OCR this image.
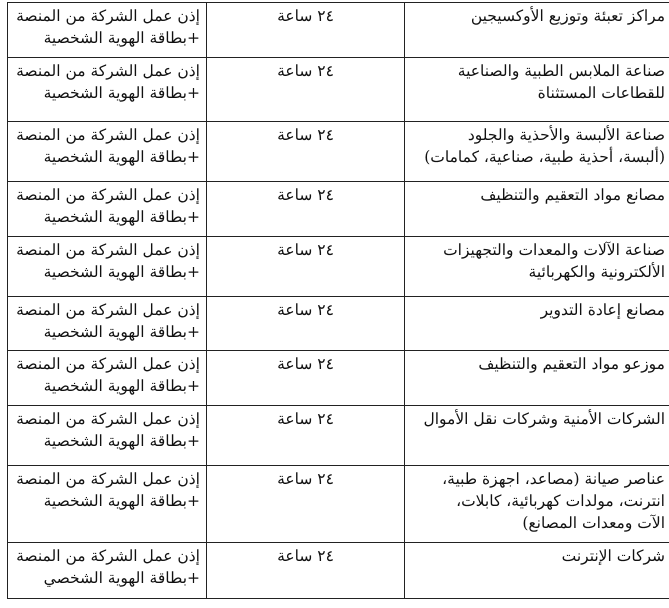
مراكز تعبئة وتوزيع الأوكسيجين	٢٤ ساعة	إذن عمل الشركة من المنصة
+بطاقة الهوية الشخصية

صناعة الملابس الطبية والصناعية
للقطاعات المستثناة	٢٤ ساعة	إذن عمل الشركة من المنصة
+بطاقة الهوية الشخصية

صناعة الألبسة والأحذية والجلود
(ألبسة، أحذية طبية، صناعية، كمامات)	٢٤ ساعة	إذن عمل الشركة من المنصة
+بطاقة الهوية الشخصية

مصانع مواد التعقيم والتنظيف	٢٤ ساعة	إذن عمل الشركة من المنصة
+بطاقة الهوية الشخصية

صناعة الآلات والمعدات والتجهيزات
الألكترونية والكهربائية	٢٤ ساعة	إذن عمل الشركة من المنصة
+بطاقة الهوية الشخصية

مصانع إعادة التدوير	٢٤ ساعة	إذن عمل الشركة من المنصة
+بطاقة الهوية الشخصية

موزعو مواد التعقيم والتنظيف	٢٤ ساعة	إذن عمل الشركة من المنصة
+بطاقة الهوية الشخصية

الشركات الأمنية وشركات نقل الأموال	٢٤ ساعة	إذن عمل الشركة من المنصة
+بطاقة الهوية الشخصية

عناصر صيانة (مصاعد، اجهزة طبية،
انترنت، مولدات كهربائية، كابلات،
الآت ومعدات المصانع)	٢٤ ساعة	إذن عمل الشركة من المنصة
+بطاقة الهوية الشخصية

شركات الإنترنت	٢٤ ساعة	إذن عمل الشركة من المنصة
+بطاقة الهوية الشخصي
